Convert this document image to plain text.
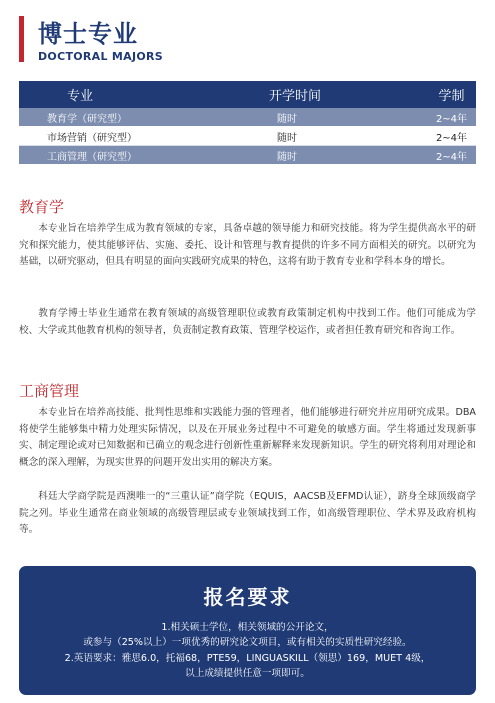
博士专业
DOCTORAL MAJORS
专业	开学时间	学制
教育学（研究型）	随时	2~4年
市场营销（研究型）	随时	2~4年
工商管理（研究型）	随时	2~4年
教育学

本专业旨在培养学生成为教育领域的专家，具备卓越的领导能力和研究技能。将为学生提供高水平的研究和探究能力，使其能够评估、实施、委托、设计和管理与教育提供的许多不同方面相关的研究。以研究为基础，以研究驱动，但具有明显的面向实践研究成果的特色，这将有助于教育专业和学科本身的增长。

教育学博士毕业生通常在教育领域的高级管理职位或教育政策制定机构中找到工作。他们可能成为学校、大学或其他教育机构的领导者，负责制定教育政策、管理学校运作，或者担任教育研究和咨询工作。

工商管理

本专业旨在培养高技能、批判性思维和实践能力强的管理者，他们能够进行研究并应用研究成果。DBA将使学生能够集中精力处理实际情况，以及在开展业务过程中不可避免的敏感方面。学生将通过发现新事实、制定理论或对已知数据和已确立的观念进行创新性重新解释来发现新知识。学生的研究将利用对理论和概念的深入理解，为现实世界的问题开发出实用的解决方案。

科廷大学商学院是西澳唯一的“三重认证”商学院（EQUIS，AACSB及EFMD认证），跻身全球顶级商学院之列。毕业生通常在商业领域的高级管理层或专业领域找到工作，如高级管理职位、学术界及政府机构等。

报名要求
1.相关硕士学位，相关领域的公开论文，
或参与（25%以上）一项优秀的研究论文项目，或有相关的实质性研究经验。
2.英语要求：雅思6.0，托福68，PTE59，LINGUASKILL（领思）169，MUET 4级，
以上成绩提供任意一项即可。
